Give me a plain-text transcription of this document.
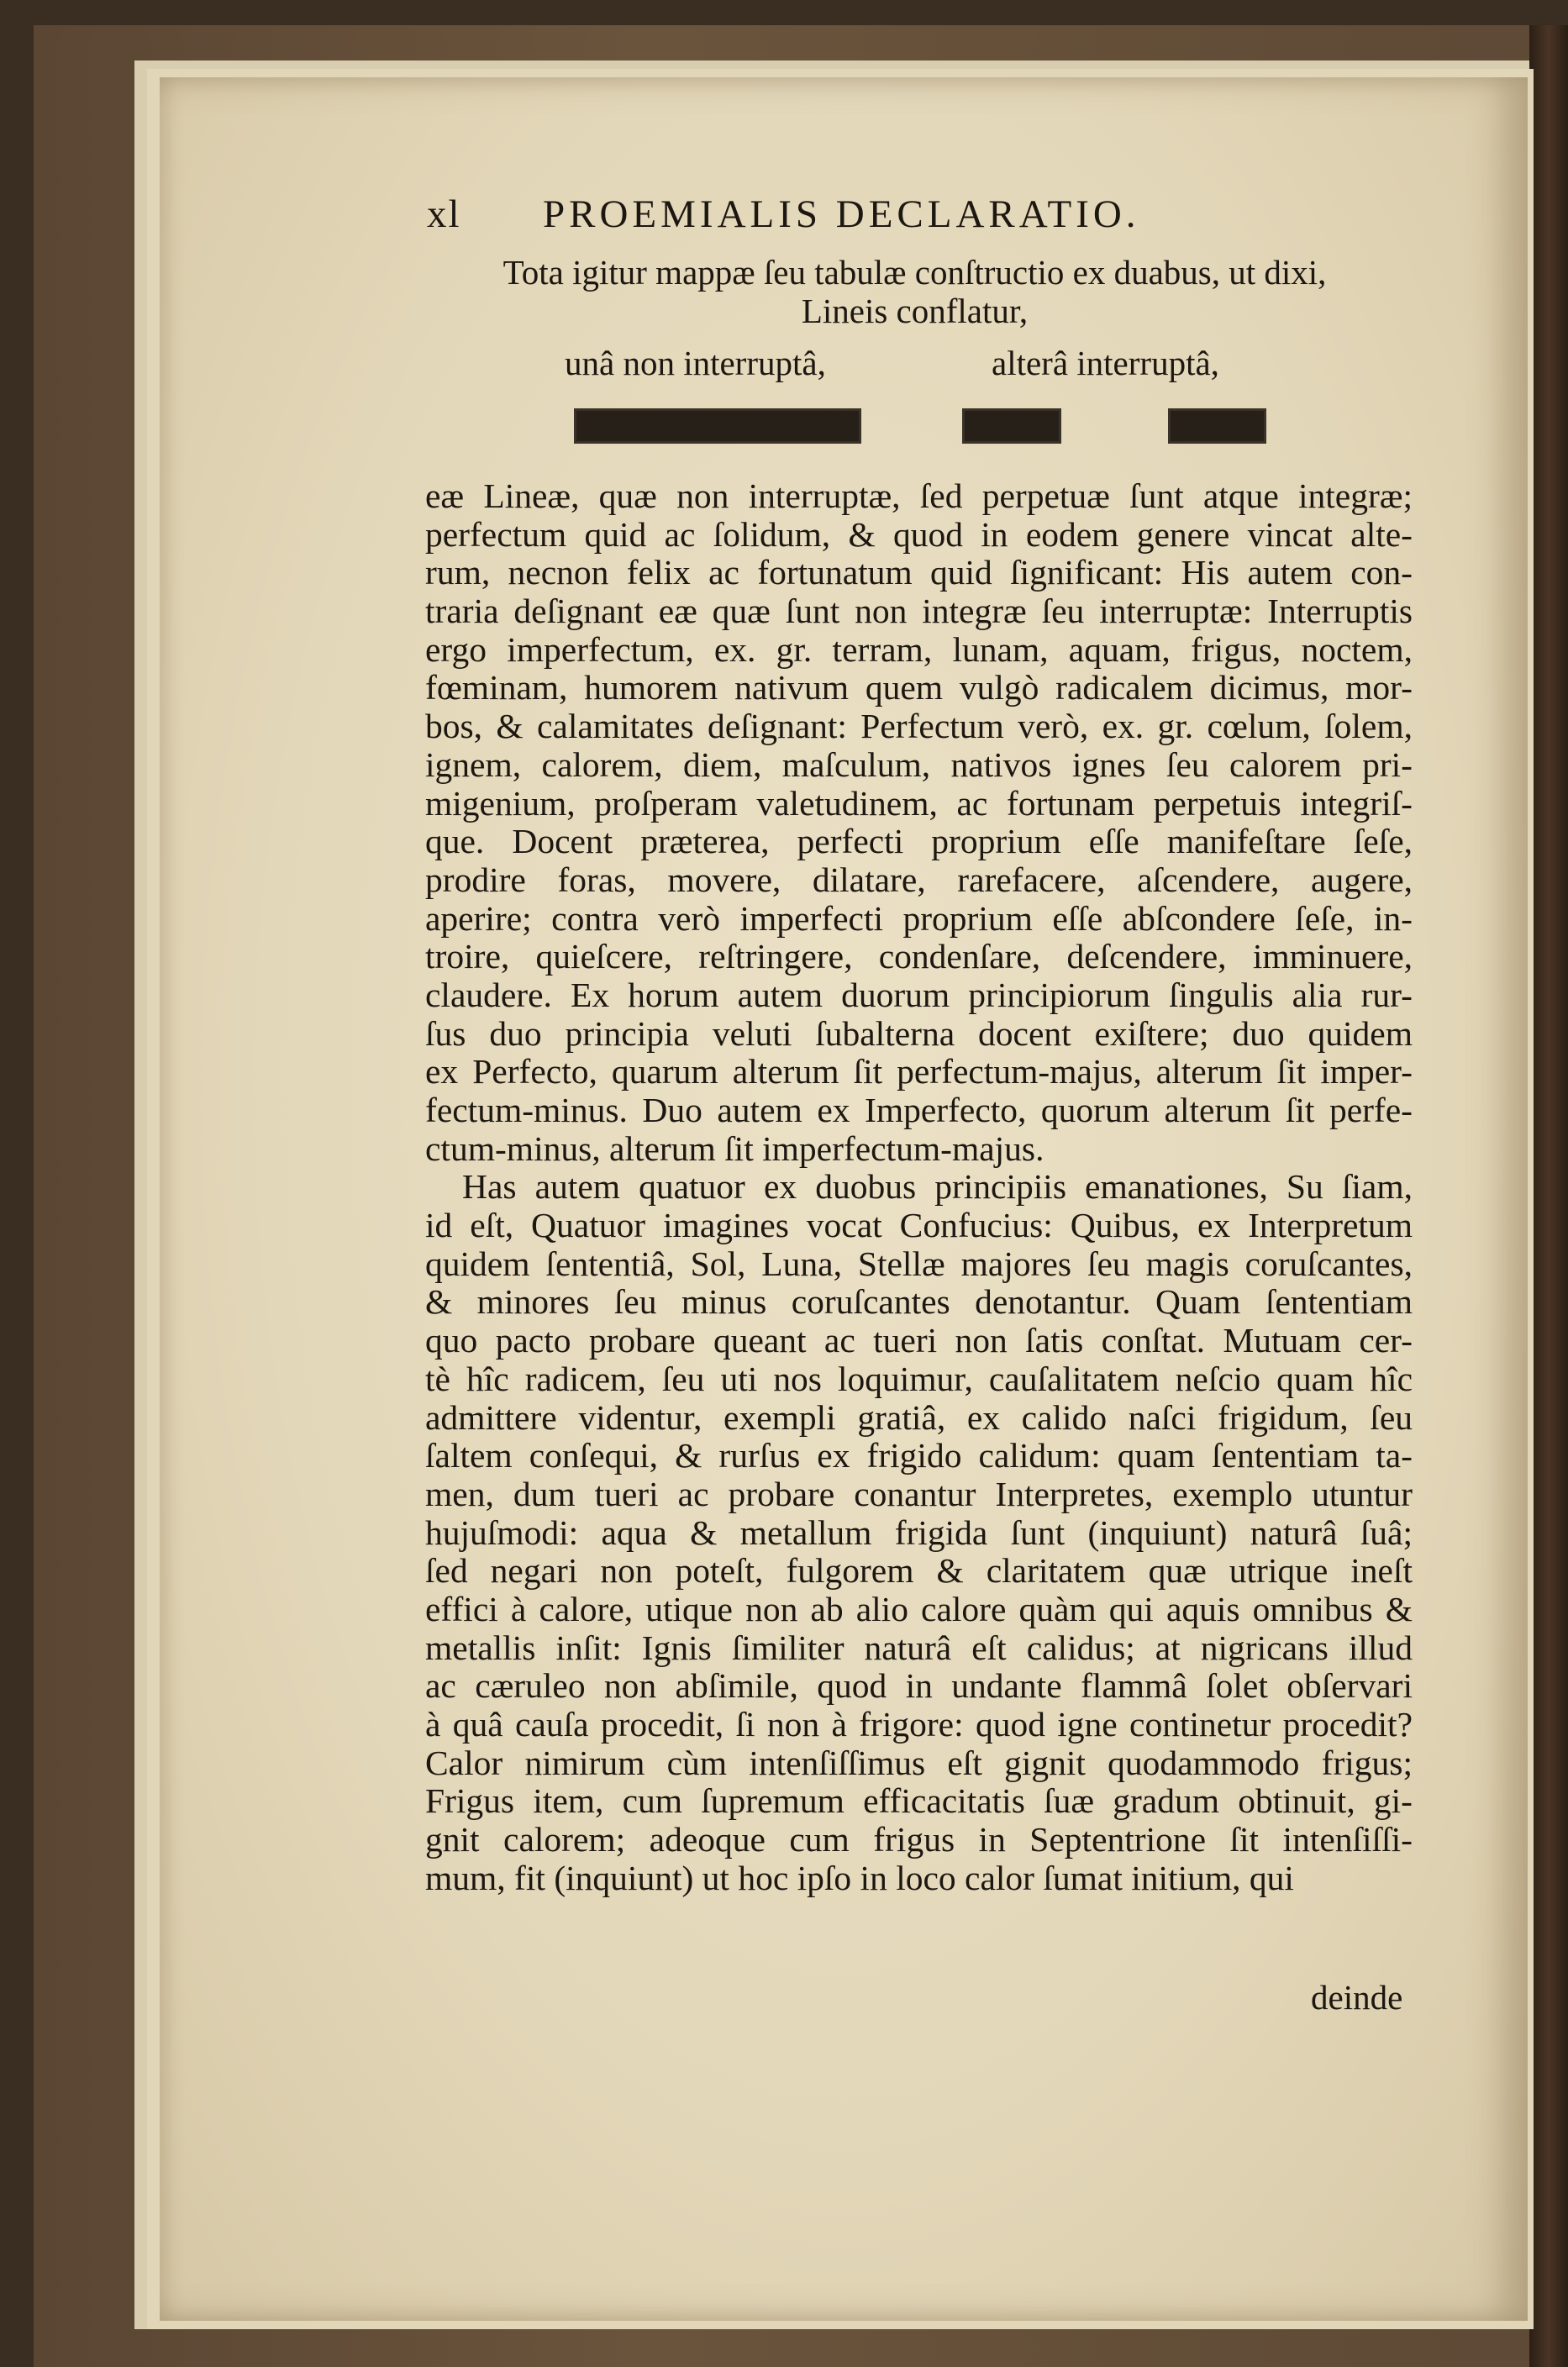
xl PROEMIALIS DECLARATIO.
Tota igitur mappæ ſeu tabulæ conſtructio ex duabus, ut dixi,
Lineis conflatur,
unâ non interruptâ,	alterâ interruptâ,
eæ Lineæ, quæ non interruptæ, ſed perpetuæ ſunt atque integræ;
perfectum quid ac ſolidum, & quod in eodem genere vincat alte-
rum, necnon felix ac fortunatum quid ſignificant: His autem con-
traria deſignant eæ quæ ſunt non integræ ſeu interruptæ: Interruptis
ergo imperfectum, ex. gr. terram, lunam, aquam, frigus, noctem,
fœminam, humorem nativum quem vulgò radicalem dicimus, mor-
bos, & calamitates deſignant: Perfectum verò, ex. gr. cœlum, ſolem,
ignem, calorem, diem, maſculum, nativos ignes ſeu calorem pri-
migenium, proſperam valetudinem, ac fortunam perpetuis integriſ-
que. Docent præterea, perfecti proprium eſſe manifeſtare ſeſe,
prodire foras, movere, dilatare, rarefacere, aſcendere, augere,
aperire; contra verò imperfecti proprium eſſe abſcondere ſeſe, in-
troire, quieſcere, reſtringere, condenſare, deſcendere, imminuere,
claudere. Ex horum autem duorum principiorum ſingulis alia rur-
ſus duo principia veluti ſubalterna docent exiſtere; duo quidem
ex Perfecto, quarum alterum ſit perfectum-majus, alterum ſit imper-
fectum-minus. Duo autem ex Imperfecto, quorum alterum ſit perfe-
ctum-minus, alterum ſit imperfectum-majus.
Has autem quatuor ex duobus principiis emanationes, Su ſiam,
id eſt, Quatuor imagines vocat Confucius: Quibus, ex Interpretum
quidem ſententiâ, Sol, Luna, Stellæ majores ſeu magis coruſcantes,
& minores ſeu minus coruſcantes denotantur. Quam ſententiam
quo pacto probare queant ac tueri non ſatis conſtat. Mutuam cer-
tè hîc radicem, ſeu uti nos loquimur, cauſalitatem neſcio quam hîc
admittere videntur, exempli gratiâ, ex calido naſci frigidum, ſeu
ſaltem conſequi, & rurſus ex frigido calidum: quam ſententiam ta-
men, dum tueri ac probare conantur Interpretes, exemplo utuntur
hujuſmodi: aqua & metallum frigida ſunt (inquiunt) naturâ ſuâ;
ſed negari non poteſt, fulgorem & claritatem quæ utrique ineſt
effici à calore, utique non ab alio calore quàm qui aquis omnibus &
metallis inſit: Ignis ſimiliter naturâ eſt calidus; at nigricans illud
ac cæruleo non abſimile, quod in undante flammâ ſolet obſervari
à quâ cauſa procedit, ſi non à frigore: quod igne continetur procedit?
Calor nimirum cùm intenſiſſimus eſt gignit quodammodo frigus;
Frigus item, cum ſupremum efficacitatis ſuæ gradum obtinuit, gi-
gnit calorem; adeoque cum frigus in Septentrione ſit intenſiſſi-
mum, fit (inquiunt) ut hoc ipſo in loco calor ſumat initium, qui
deinde
